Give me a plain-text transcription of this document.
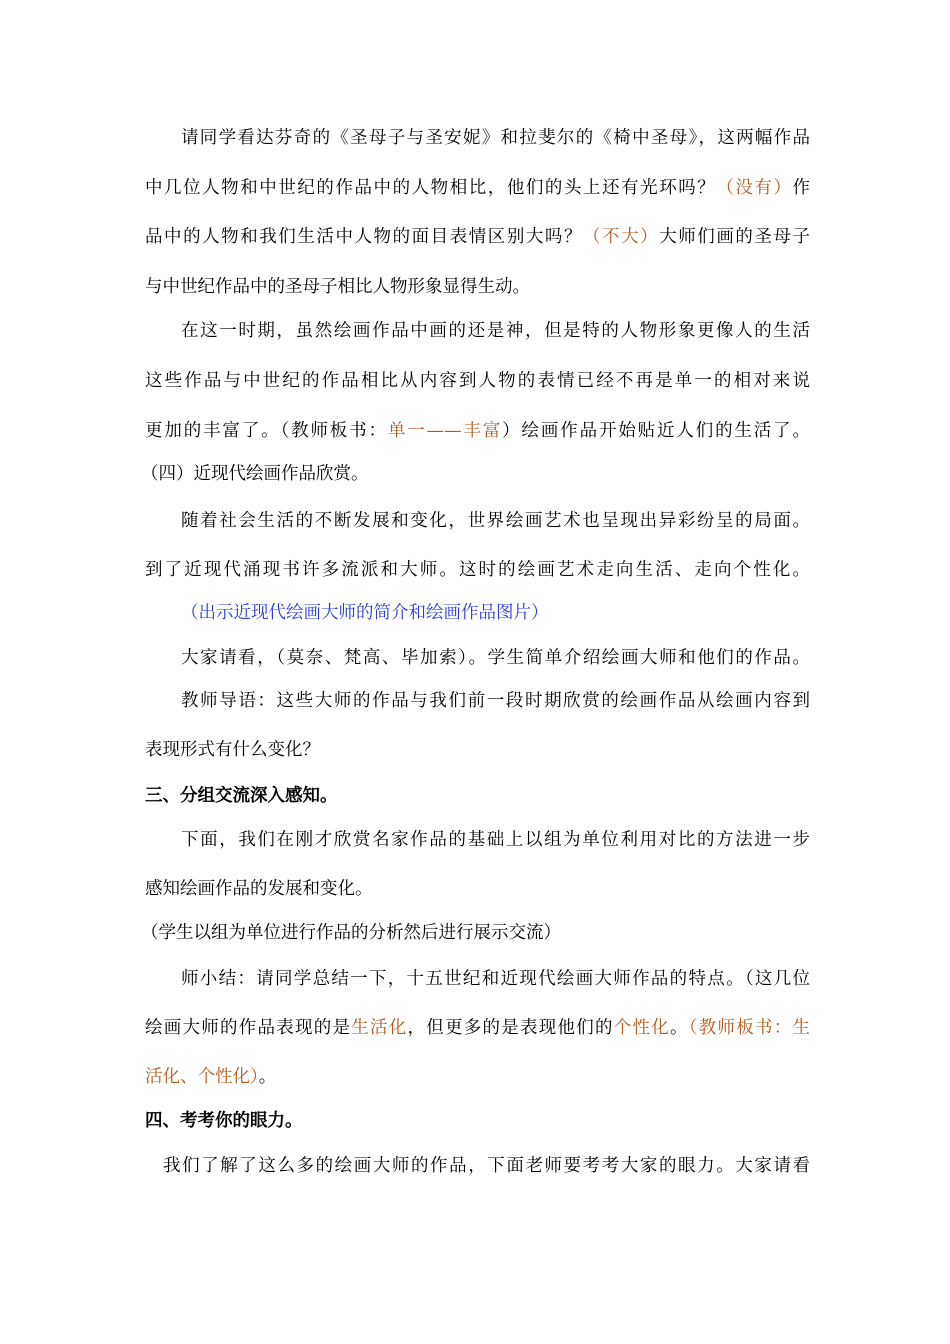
请同学看达芬奇的《圣母子与圣安妮》和拉斐尔的《椅中圣母》，这两幅作品
中几位人物和中世纪的作品中的人物相比，他们的头上还有光环吗？（没有）作
品中的人物和我们生活中人物的面目表情区别大吗？（不大）大师们画的圣母子
与中世纪作品中的圣母子相比人物形象显得生动。
在这一时期，虽然绘画作品中画的还是神，但是特的人物形象更像人的生活
这些作品与中世纪的作品相比从内容到人物的表情已经不再是单一的相对来说
更加的丰富了。（教师板书：单一——丰富）绘画作品开始贴近人们的生活了。
（四）近现代绘画作品欣赏。
随着社会生活的不断发展和变化，世界绘画艺术也呈现出异彩纷呈的局面。
到了近现代涌现书许多流派和大师。这时的绘画艺术走向生活、走向个性化。
（出示近现代绘画大师的简介和绘画作品图片）
大家请看，（莫奈、梵高、毕加索）。学生简单介绍绘画大师和他们的作品。
教师导语：这些大师的作品与我们前一段时期欣赏的绘画作品从绘画内容到
表现形式有什么变化？
三、分组交流深入感知。
下面，我们在刚才欣赏名家作品的基础上以组为单位利用对比的方法进一步
感知绘画作品的发展和变化。
（学生以组为单位进行作品的分析然后进行展示交流）
师小结：请同学总结一下，十五世纪和近现代绘画大师作品的特点。（这几位
绘画大师的作品表现的是生活化，但更多的是表现他们的个性化。（教师板书：生
活化、个性化）。
四、考考你的眼力。
我们了解了这么多的绘画大师的作品，下面老师要考考大家的眼力。大家请看
